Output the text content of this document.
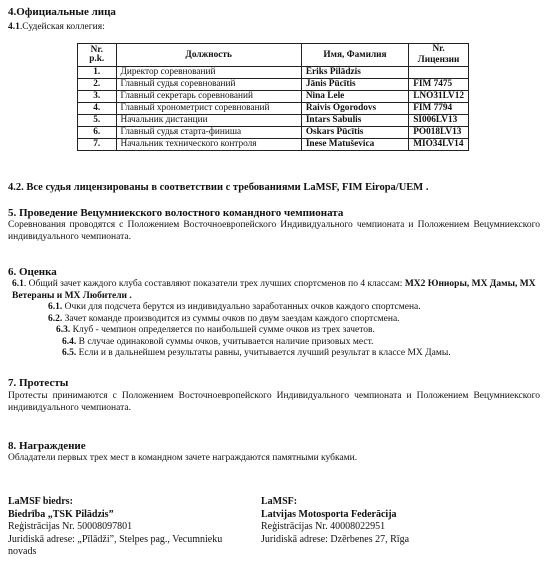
4.Официальные лица
4.1.Судейская коллегия:
Nr. p.k.	Должность	Имя, Фамилия	Nr. Лицензии
1.	Директор соревнований	Ēriks Pilādzis	
2.	Главный судья соревнований	Jānis Pūcītis	FIM 7475
3.	Главный секретарь соревнований	Nina Lele	LNO31LV12
4.	Главный хронометрист соревнований	Raivis Ogorodovs	FIM 7794
5.	Начальник дистанции	Intars Sabulis	SI006LV13
6.	Главный судья старта-финиша	Oskars Pūcītis	PO018LV13
7.	Начальник технического контроля	Inese Matuševica	MIO34LV14
4.2. Все судья лицензированы в соответствии с требованиями LaMSF, FIM Eiropa/UEM .
5. Проведение Вецумниекского волостного командного чемпионата
Соревнования проводятся с Положением Восточноевропейского Индивидуального чемпионата и Положением Вецумниекского индивидуального чемпионата.
6. Оценка
6.1. Общий зачет каждого клуба составляют показатели трех лучших спортсменов по 4 классам: MX2 Юниоры, MX Дамы, MX Ветераны и MX Любители .
6.1. Очки для подсчета берутся из индивидуально заработанных очков каждого спортсмена.
6.2. Зачет команде производится из суммы очков по двум заездам каждого спортсмена.
6.3. Клуб - чемпион определяется по наибольшей сумме очков из трех зачетов.
6.4. В случае одинаковой суммы очков, учитывается наличие призовых мест.
6.5. Если и в дальнейшем результаты равны, учитывается лучший результат в классе MX Дамы.
7. Протесты
Протесты принимаются с Положением Восточноевропейского Индивидуального чемпионата и Положением Вецумниекского индивидуального чемпионата.
8. Награждение
Обладатели первых трех мест в командном зачете награждаются памятными кубками.
LaMSF biedrs:
Biedrība „TSK Pilādzis”
Reģistrācijas Nr. 50008097801
Juridiskā adrese: „Pīlādži”, Stelpes pag., Vecumnieku
novads
LaMSF:
Latvijas Motosporta Federācija
Reģistrācijas Nr. 40008022951
Juridiskā adrese: Dzērbenes 27, Rīga
